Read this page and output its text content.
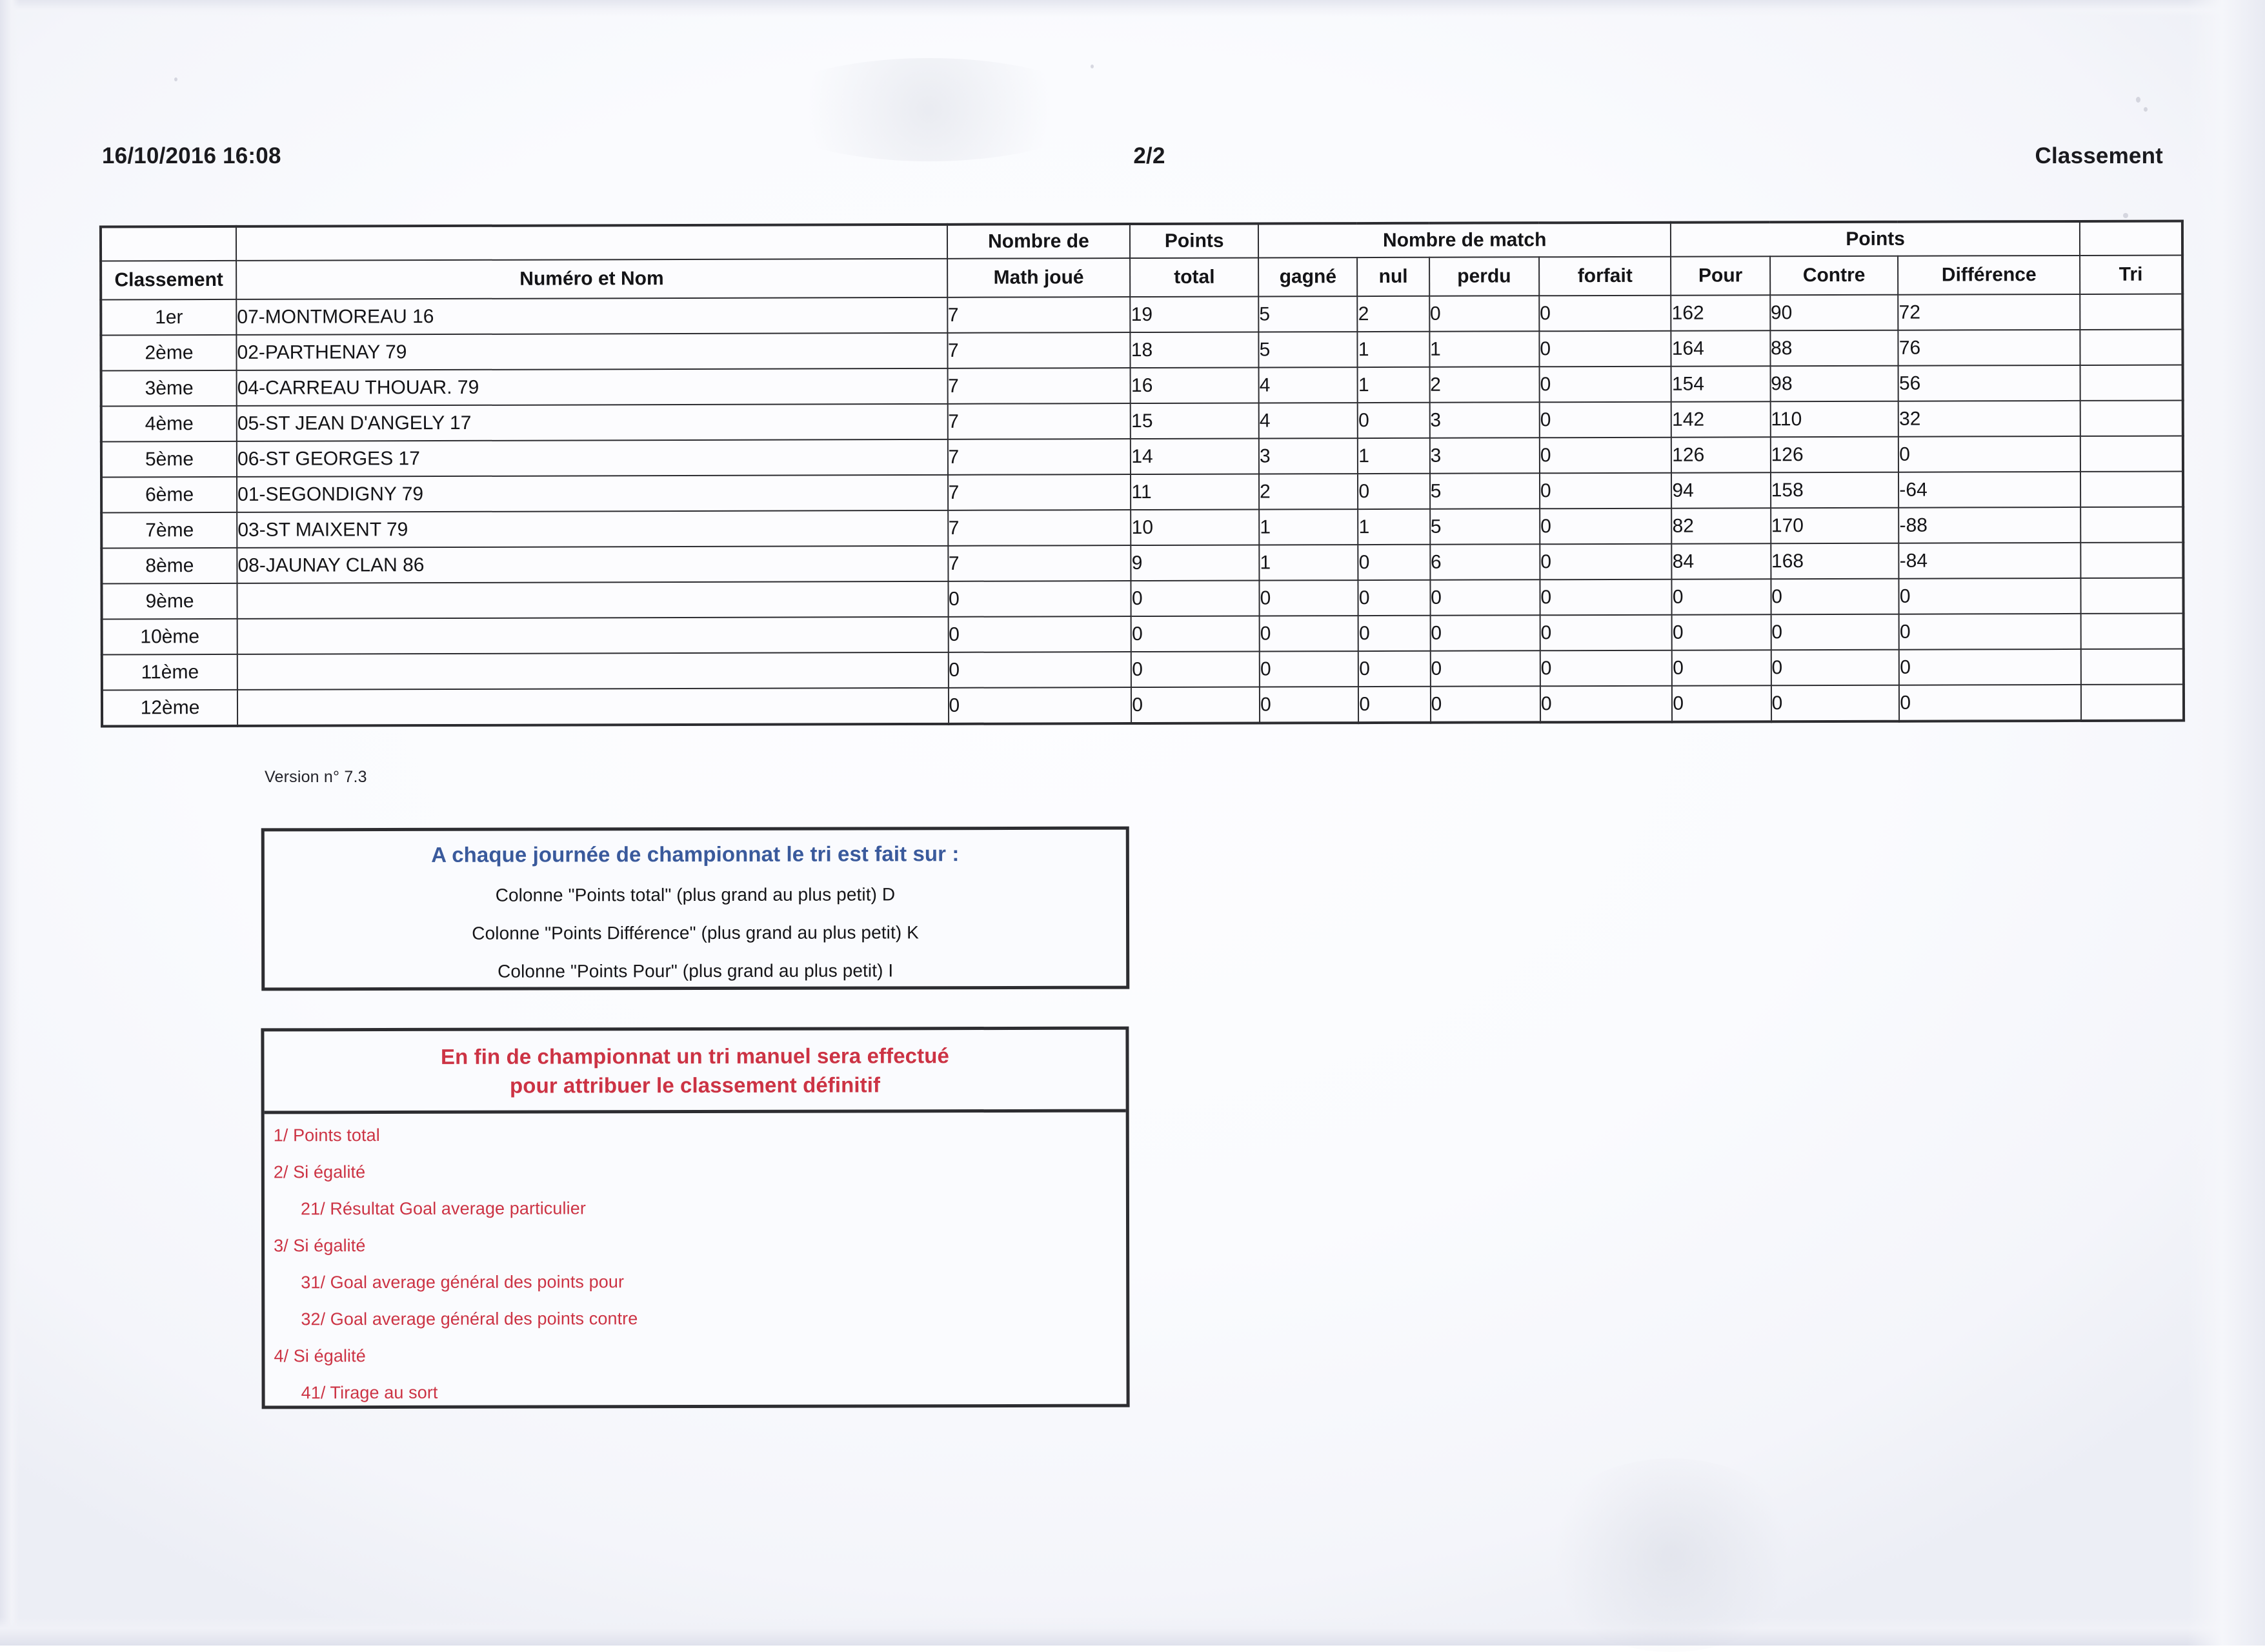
16/10/2016 16:08	2/2	Classement
		Nombre de	Points	Nombre de match				Points			
Classement	Numéro et Nom	Math joué	total	gagné	nul	perdu	forfait	Pour	Contre	Différence	Tri
1er	07-MONTMOREAU 16	7	19	5	2	0	0	162	90	72	
2ème	02-PARTHENAY 79	7	18	5	1	1	0	164	88	76	
3ème	04-CARREAU THOUAR. 79	7	16	4	1	2	0	154	98	56	
4ème	05-ST JEAN D'ANGELY 17	7	15	4	0	3	0	142	110	32	
5ème	06-ST GEORGES 17	7	14	3	1	3	0	126	126	0	
6ème	01-SEGONDIGNY 79	7	11	2	0	5	0	94	158	-64	
7ème	03-ST MAIXENT 79	7	10	1	1	5	0	82	170	-88	
8ème	08-JAUNAY CLAN 86	7	9	1	0	6	0	84	168	-84	
9ème		0	0	0	0	0	0	0	0	0	
10ème		0	0	0	0	0	0	0	0	0	
11ème		0	0	0	0	0	0	0	0	0	
12ème		0	0	0	0	0	0	0	0	0	
Version n° 7.3
A chaque journée de championnat le tri est fait sur :
Colonne "Points total" (plus grand au plus petit) D
Colonne "Points Différence" (plus grand au plus petit) K
Colonne "Points Pour" (plus grand au plus petit) I
En fin de championnat un tri manuel sera effectué
pour attribuer le classement définitif
1/ Points total
2/ Si égalité
21/ Résultat Goal average particulier
3/ Si égalité
31/ Goal average général des points pour
32/ Goal average général des points contre
4/ Si égalité
41/ Tirage au sort
